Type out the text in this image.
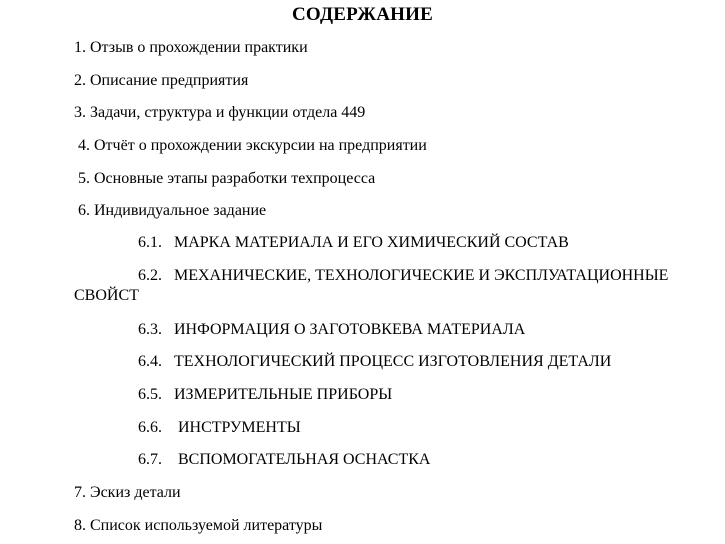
СОДЕРЖАНИЕ
1. Отзыв о прохождении практики
2. Описание предприятия
3. Задачи, структура и функции отдела 449
4. Отчёт о прохождении экскурсии на предприятии
5. Основные этапы разработки техпроцесса
6. Индивидуальное задание
6.1. МАРКА МАТЕРИАЛА И ЕГО ХИМИЧЕСКИЙ СОСТАВ
6.2. МЕХАНИЧЕСКИЕ, ТЕХНОЛОГИЧЕСКИЕ И ЭКСПЛУАТАЦИОННЫЕ
СВОЙСТ
6.3. ИНФОРМАЦИЯ О ЗАГОТОВКЕВА МАТЕРИАЛА
6.4. ТЕХНОЛОГИЧЕСКИЙ ПРОЦЕСС ИЗГОТОВЛЕНИЯ ДЕТАЛИ
6.5. ИЗМЕРИТЕЛЬНЫЕ ПРИБОРЫ
6.6. ИНСТРУМЕНТЫ
6.7. ВСПОМОГАТЕЛЬНАЯ ОСНАСТКА
7. Эскиз детали
8. Список используемой литературы
